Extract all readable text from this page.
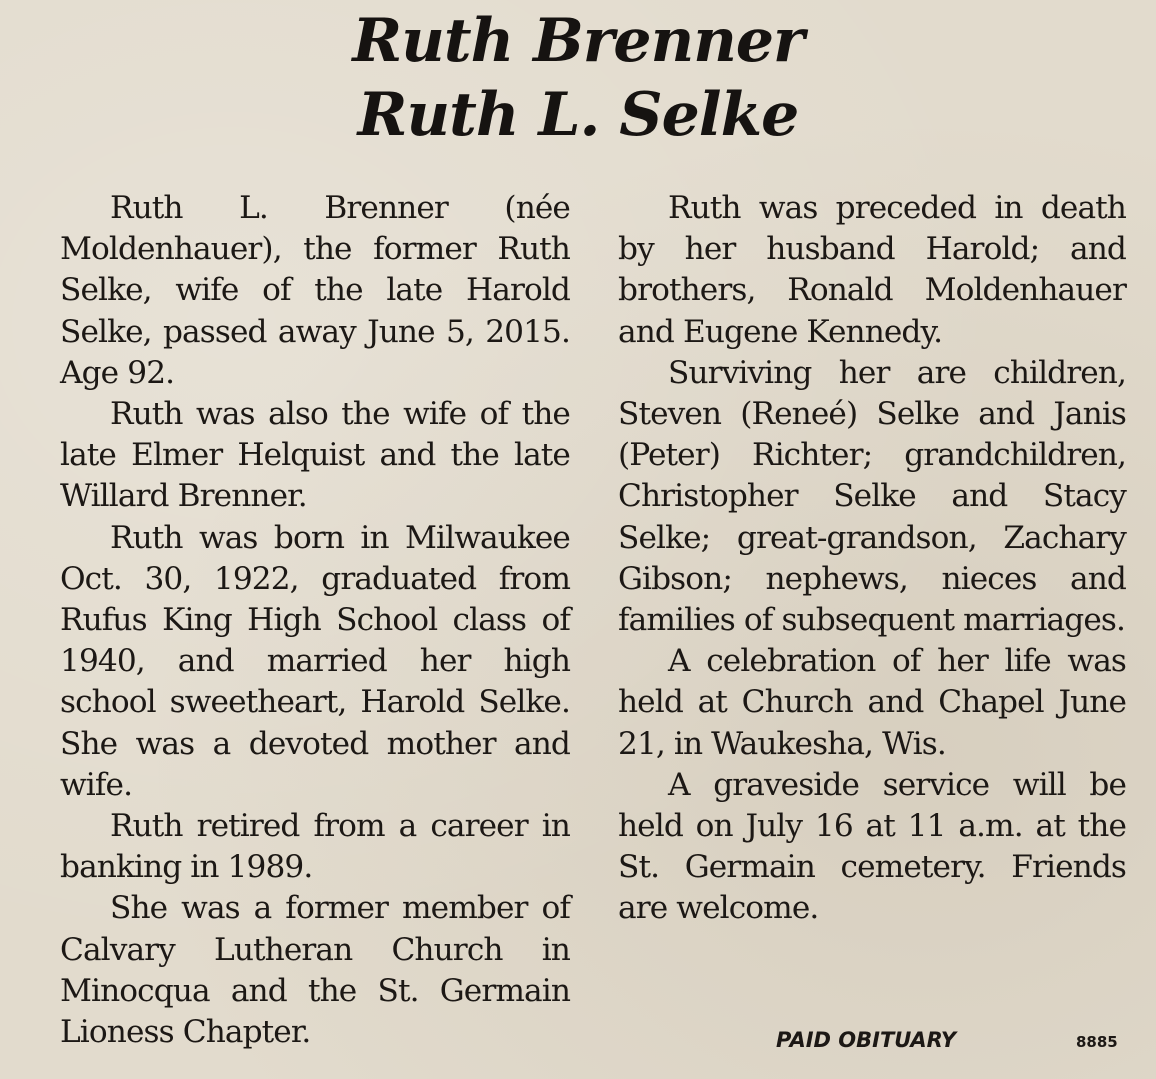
Ruth Brenner
Ruth L. Selke

Ruth L. Brenner (née Moldenhauer), the former Ruth Selke, wife of the late Harold Selke, passed away June 5, 2015. Age 92.

Ruth was also the wife of the late Elmer Helquist and the late Willard Brenner.

Ruth was born in Milwaukee Oct. 30, 1922, graduated from Rufus King High School class of 1940, and married her high school sweetheart, Harold Selke. She was a devoted mother and wife.

Ruth retired from a career in banking in 1989.

She was a former member of Calvary Lutheran Church in Minocqua and the St. Germain Lioness Chapter.

Ruth was preceded in death by her husband Harold; and brothers, Ronald Moldenhauer and Eugene Kennedy.

Surviving her are children, Steven (Reneé) Selke and Janis (Peter) Richter; grandchildren, Christopher Selke and Stacy Selke; great-grandson, Zachary Gibson; nephews, nieces and families of subsequent marriages.

A celebration of her life was held at Church and Chapel June 21, in Waukesha, Wis.

A graveside service will be held on July 16 at 11 a.m. at the St. Germain cemetery. Friends are welcome.

PAID OBITUARY	8885
